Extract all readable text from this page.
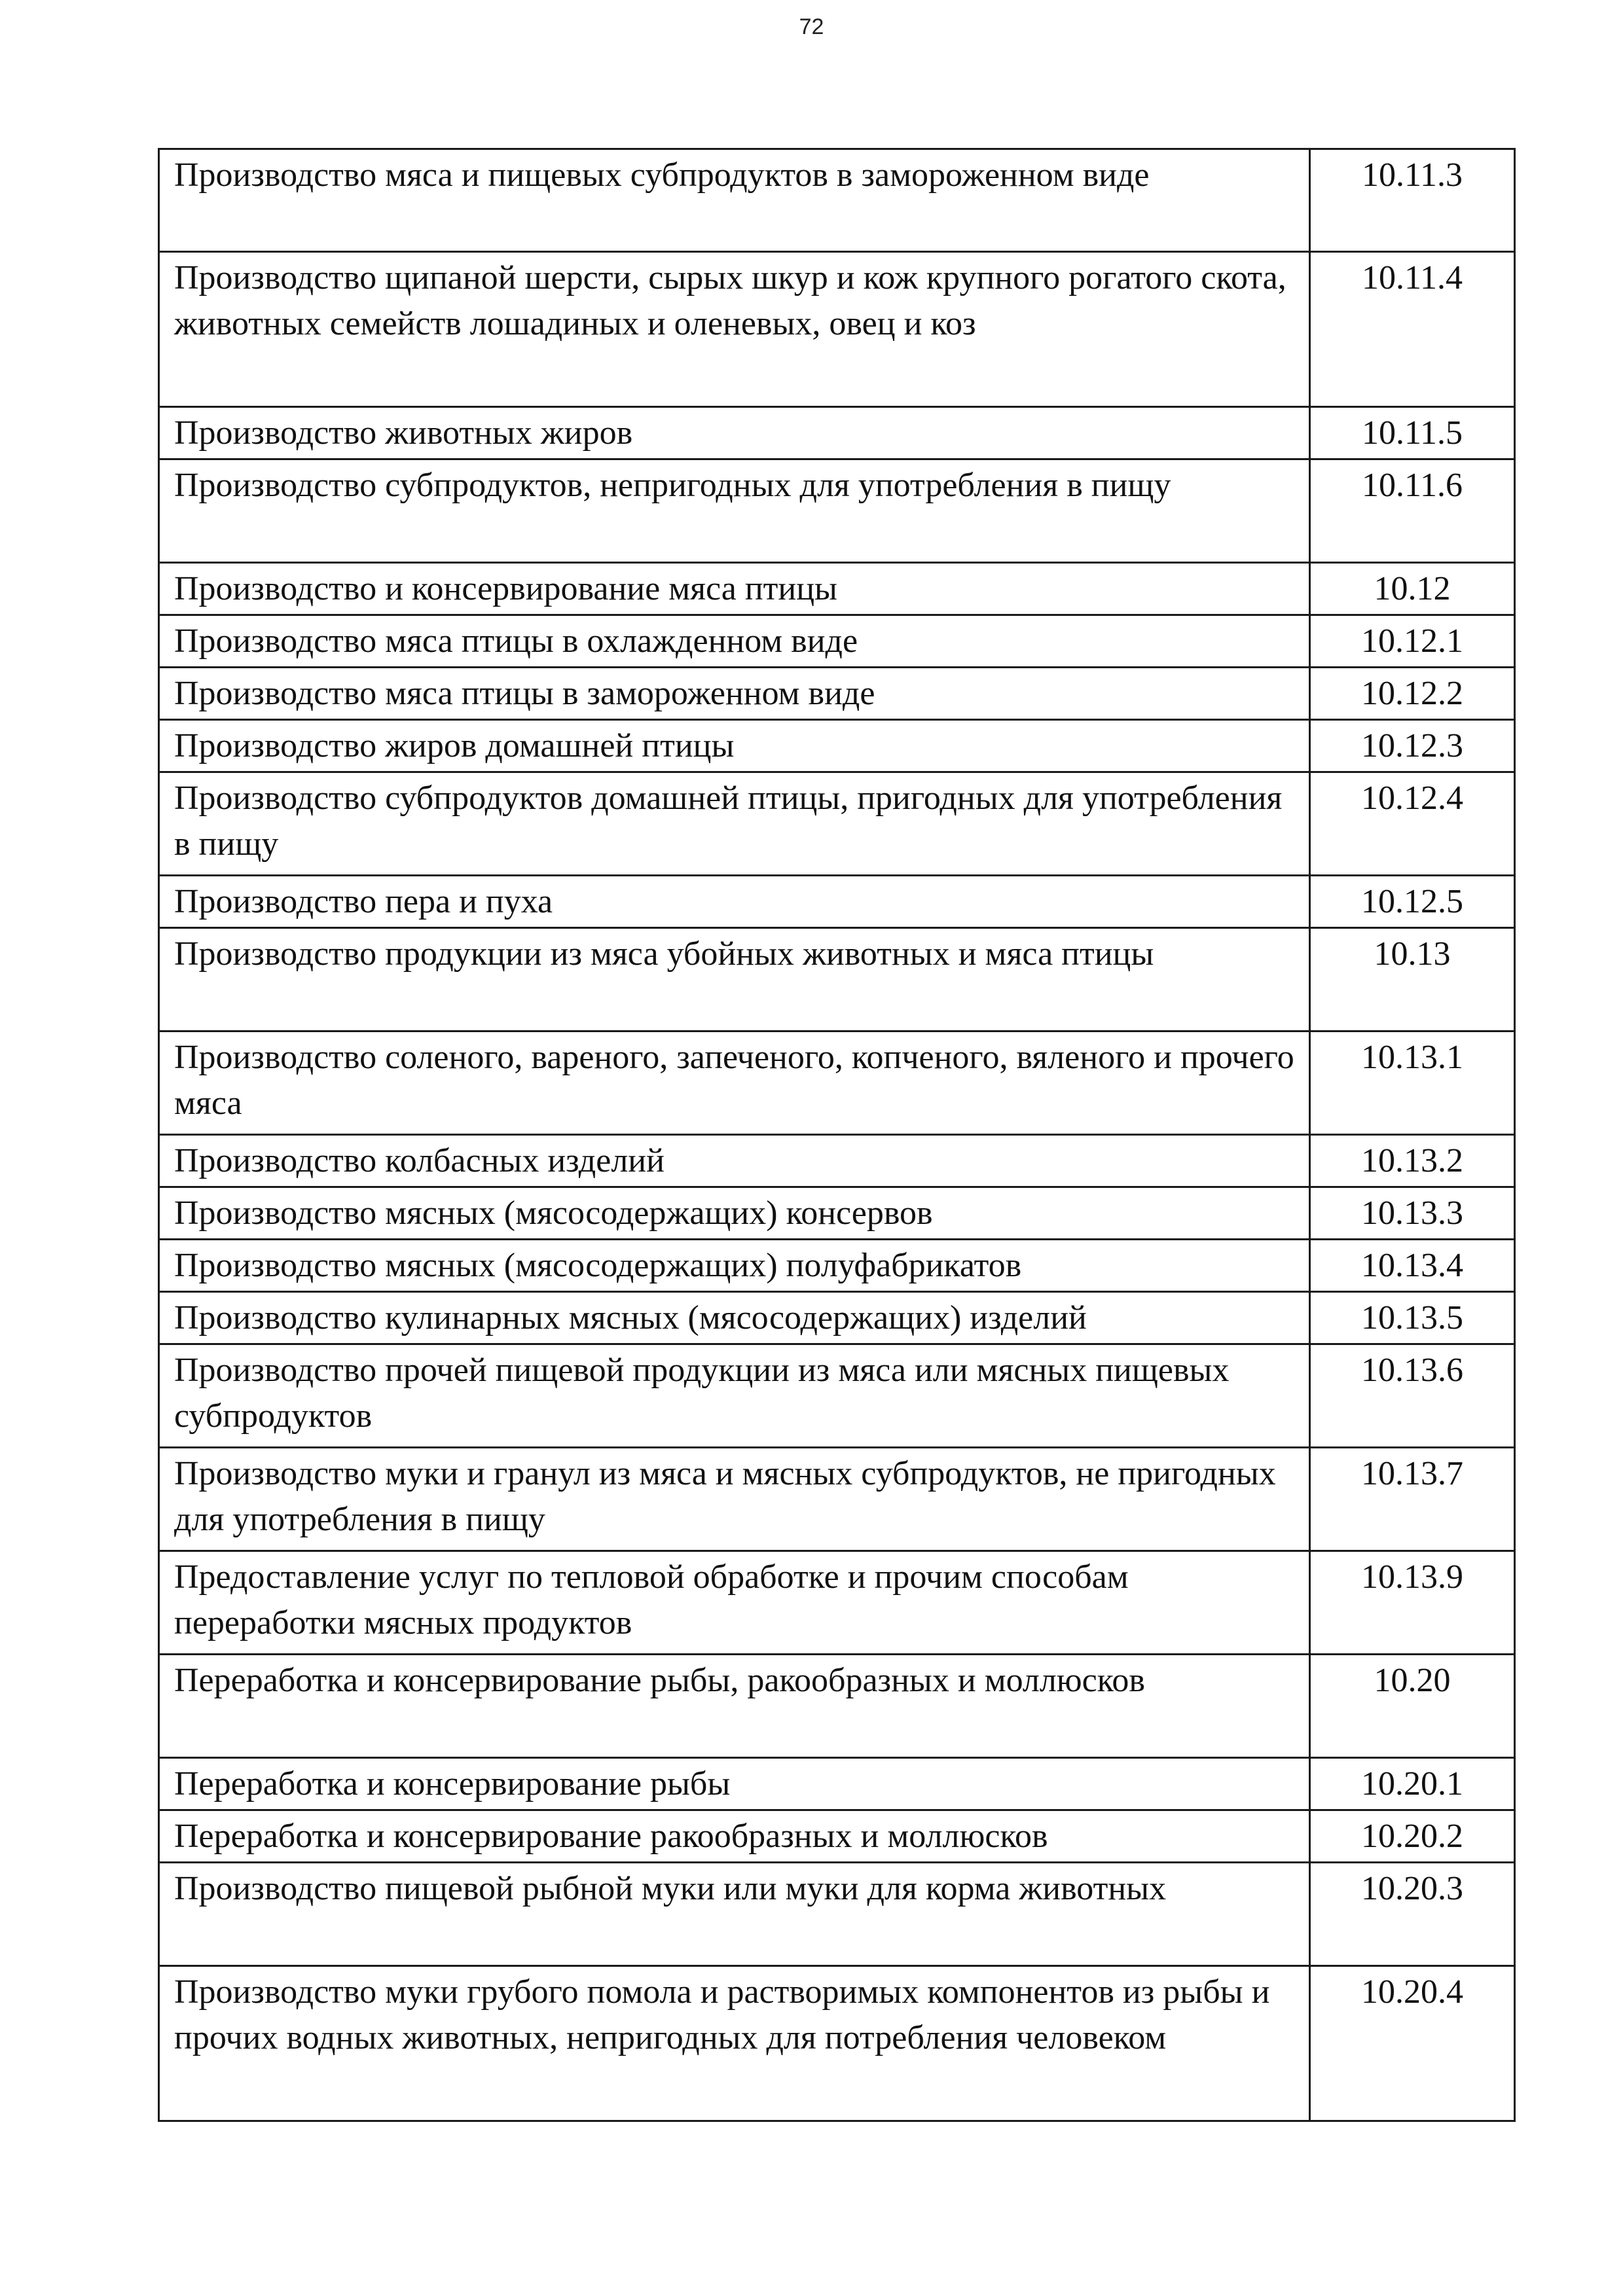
72
Производство мяса и пищевых субпродуктов в замороженном виде	10.11.3
Производство щипаной шерсти, сырых шкур и кож крупного рогатого скота, животных семейств лошадиных и оленевых, овец и коз	10.11.4
Производство животных жиров	10.11.5
Производство субпродуктов, непригодных для употребления в пищу	10.11.6
Производство и консервирование мяса птицы	10.12
Производство мяса птицы в охлажденном виде	10.12.1
Производство мяса птицы в замороженном виде	10.12.2
Производство жиров домашней птицы	10.12.3
Производство субпродуктов домашней птицы, пригодных для употребления в пищу	10.12.4
Производство пера и пуха	10.12.5
Производство продукции из мяса убойных животных и мяса птицы	10.13
Производство соленого, вареного, запеченого, копченого, вяленого и прочего мяса	10.13.1
Производство колбасных изделий	10.13.2
Производство мясных (мясосодержащих) консервов	10.13.3
Производство мясных (мясосодержащих) полуфабрикатов	10.13.4
Производство кулинарных мясных (мясосодержащих) изделий	10.13.5
Производство прочей пищевой продукции из мяса или мясных пищевых субпродуктов	10.13.6
Производство муки и гранул из мяса и мясных субпродуктов, не пригодных для употребления в пищу	10.13.7
Предоставление услуг по тепловой обработке и прочим способам переработки мясных продуктов	10.13.9
Переработка и консервирование рыбы, ракообразных и моллюсков	10.20
Переработка и консервирование рыбы	10.20.1
Переработка и консервирование ракообразных и моллюсков	10.20.2
Производство пищевой рыбной муки или муки для корма животных	10.20.3
Производство муки грубого помола и растворимых компонентов из рыбы и прочих водных животных, непригодных для потребления человеком	10.20.4
